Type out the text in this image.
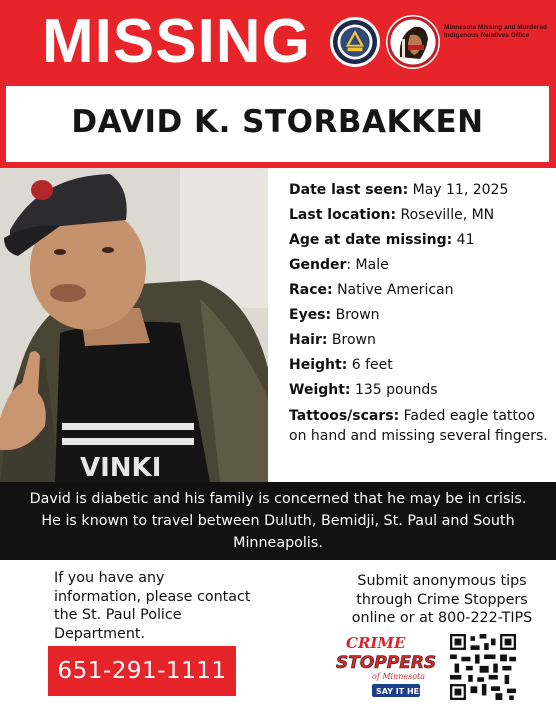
MISSING	Minnesota Missing and Murdered Indigenous Relatives Office
DAVID K. STORBAKKEN
VINKI
Date last seen: May 11, 2025
Last location: Roseville, MN
Age at date missing: 41
Gender: Male
Race: Native American
Eyes: Brown
Hair: Brown
Height: 6 feet
Weight: 135 pounds
Tattoos/scars: Faded eagle tattoo on hand and missing several fingers.
David is diabetic and his family is concerned that he may be in crisis. He is known to travel between Duluth, Bemidji, St. Paul and South Minneapolis.
If you have any information, please contact the St. Paul Police Department.
651-291-1111
Submit anonymous tips through Crime Stoppers online or at 800-222-TIPS
CRIME
STOPPERS
of Minnesota
SAY IT HERE
